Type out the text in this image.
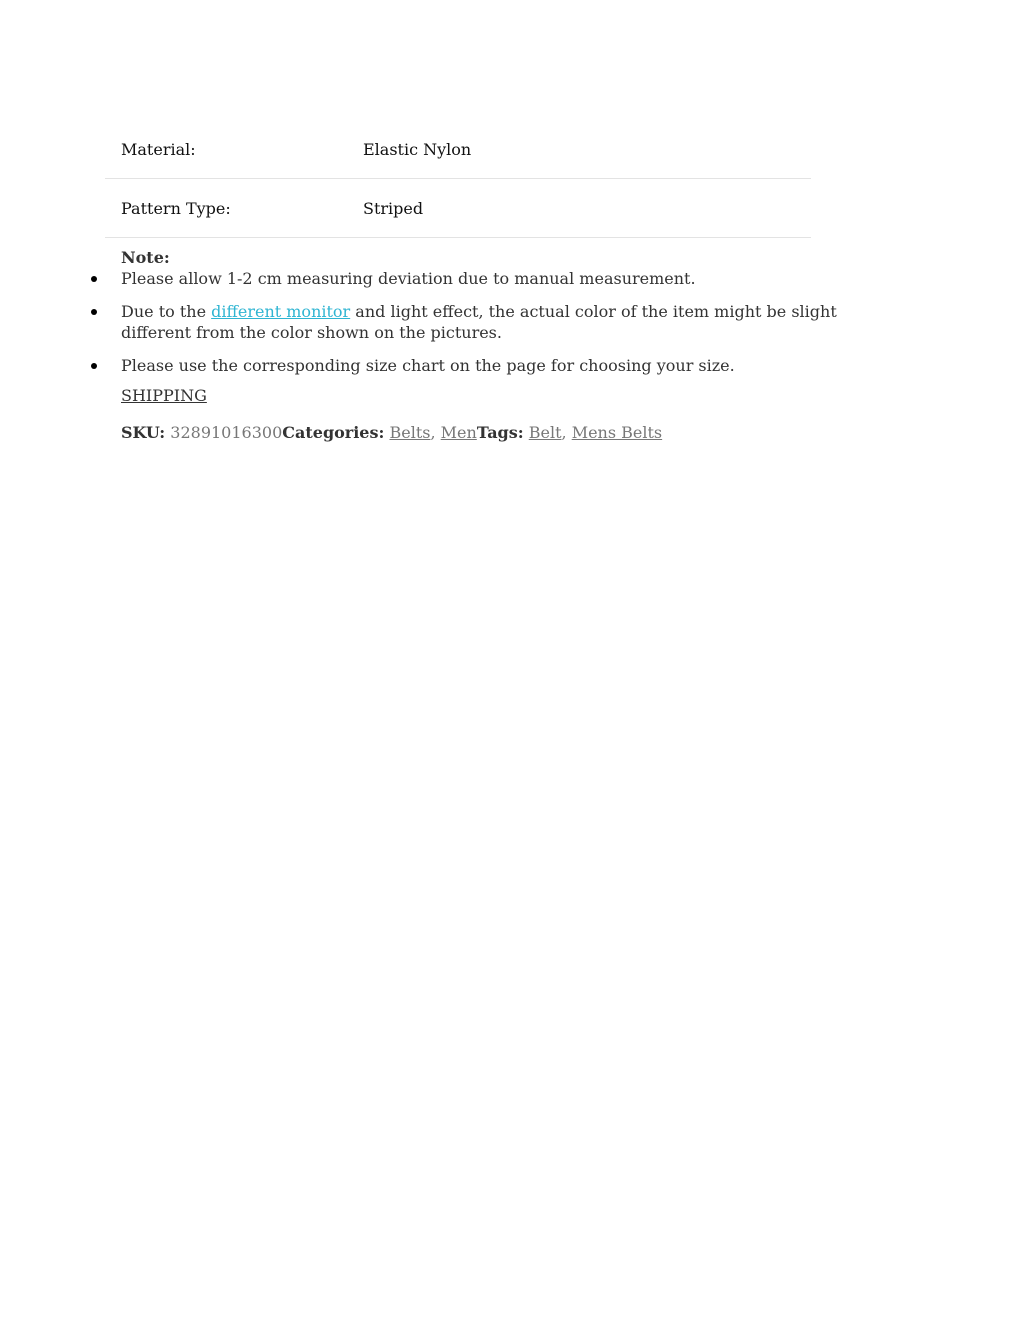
Material:	Elastic Nylon
Pattern Type:	Striped
Note:
Please allow 1-2 cm measuring deviation due to manual measurement.
Due to the different monitor and light effect, the actual color of the item might be slight different from the color shown on the pictures.
Please use the corresponding size chart on the page for choosing your size.
SHIPPING
SKU: 32891016300Categories: Belts, MenTags: Belt, Mens Belts
